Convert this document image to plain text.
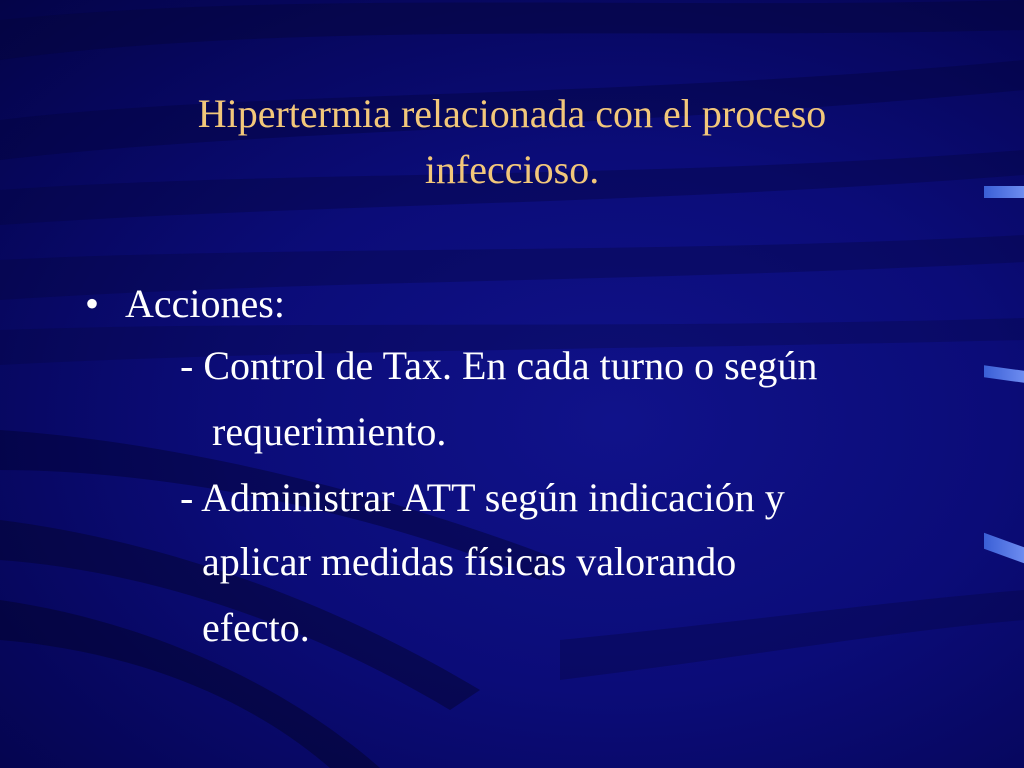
Hipertermia relacionada con el proceso
infeccioso.
• Acciones:
- Control de Tax. En cada turno o según
requerimiento.
- Administrar ATT según indicación y
aplicar medidas físicas valorando
efecto.
